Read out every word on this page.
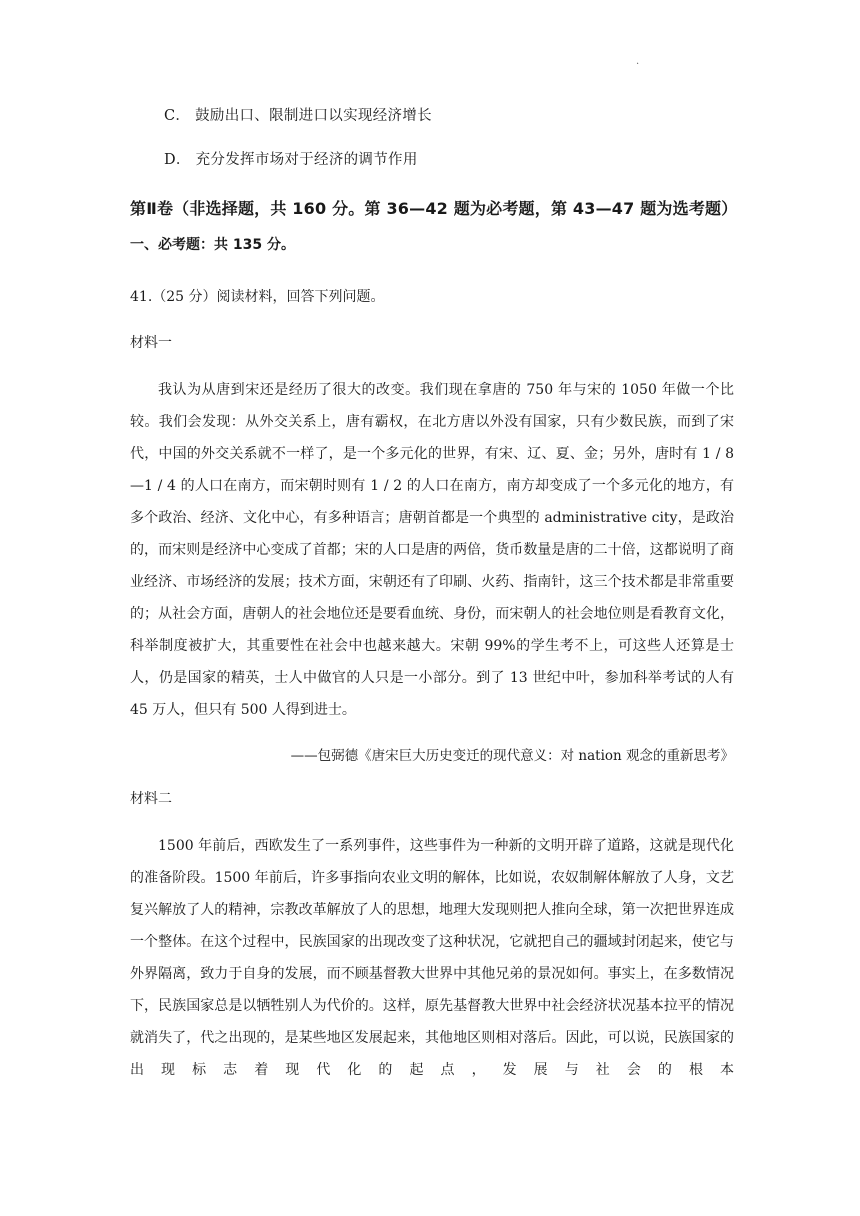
.
C． 鼓励出口、限制进口以实现经济增长
D． 充分发挥市场对于经济的调节作用
第Ⅱ卷（非选择题，共 160 分。第 36—42 题为必考题，第 43—47 题为选考题）
一、必考题：共 135 分。
41.（25 分）阅读材料，回答下列问题。
材料一
我认为从唐到宋还是经历了很大的改变。我们现在拿唐的 750 年与宋的 1050 年做一个比较。我们会发现：从外交关系上，唐有霸权，在北方唐以外没有国家，只有少数民族，而到了宋代，中国的外交关系就不一样了，是一个多元化的世界，有宋、辽、夏、金；另外，唐时有 1 / 8—1 / 4 的人口在南方，而宋朝时则有 1 / 2 的人口在南方，南方却变成了一个多元化的地方，有多个政治、经济、文化中心，有多种语言；唐朝首都是一个典型的 administrative city，是政治的，而宋则是经济中心变成了首都；宋的人口是唐的两倍，货币数量是唐的二十倍，这都说明了商业经济、市场经济的发展；技术方面，宋朝还有了印刷、火药、指南针，这三个技术都是非常重要的；从社会方面，唐朝人的社会地位还是要看血统、身份，而宋朝人的社会地位则是看教育文化，科举制度被扩大，其重要性在社会中也越来越大。宋朝 99%的学生考不上，可这些人还算是士人，仍是国家的精英，士人中做官的人只是一小部分。到了 13 世纪中叶，参加科举考试的人有 45 万人，但只有 500 人得到进士。
——包弼德《唐宋巨大历史变迁的现代意义：对 nation 观念的重新思考》
材料二
1500 年前后，西欧发生了一系列事件，这些事件为一种新的文明开辟了道路，这就是现代化的准备阶段。1500 年前后，许多事指向农业文明的解体，比如说，农奴制解体解放了人身，文艺复兴解放了人的精神，宗教改革解放了人的思想，地理大发现则把人推向全球，第一次把世界连成一个整体。在这个过程中，民族国家的出现改变了这种状况，它就把自己的疆域封闭起来，使它与外界隔离，致力于自身的发展，而不顾基督教大世界中其他兄弟的景况如何。事实上，在多数情况下，民族国家总是以牺牲别人为代价的。这样，原先基督教大世界中社会经济状况基本拉平的情况就消失了，代之出现的，是某些地区发展起来，其他地区则相对落后。因此，可以说，民族国家的出现标志着现代化的起点，发展与社会的根本
